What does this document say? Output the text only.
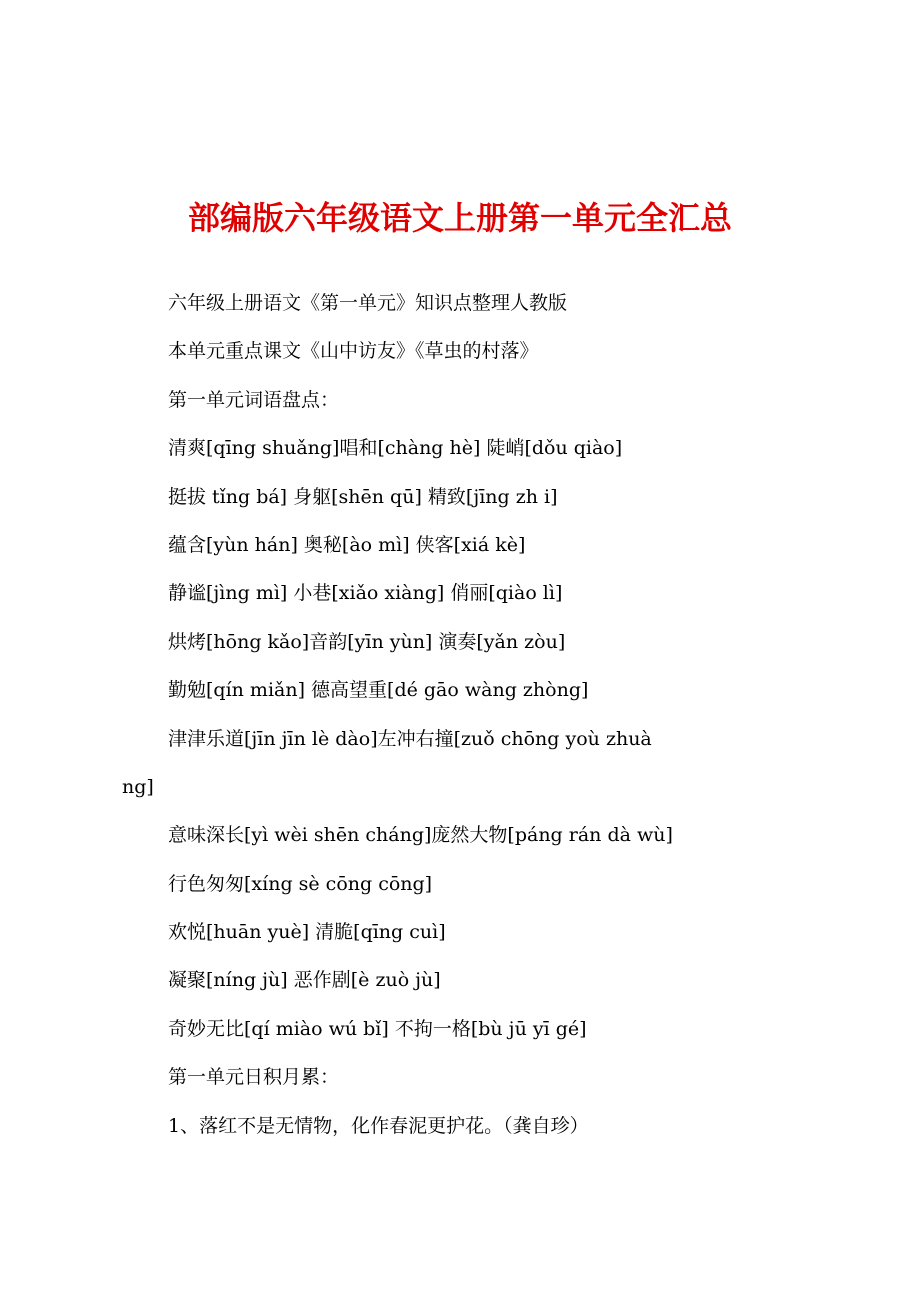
部编版六年级语文上册第一单元全汇总
六年级上册语文《第一单元》知识点整理人教版
本单元重点课文《山中访友》《草虫的村落》
第一单元词语盘点：
清爽[qīng shuǎng]唱和[chàng hè] 陡峭[dǒu qiào]
挺拔 tǐng bá] 身躯[shēn qū] 精致[jīng zh i]
蕴含[yùn hán] 奥秘[ào mì] 侠客[xiá kè]
静谧[jìng mì] 小巷[xiǎo xiàng] 俏丽[qiào lì]
烘烤[hōng kǎo]音韵[yīn yùn] 演奏[yǎn zòu]
勤勉[qín miǎn] 德高望重[dé gāo wàng zhòng]
津津乐道[jīn jīn lè dào]左冲右撞[zuǒ chōng yoù zhuà
ng]
意味深长[yì wèi shēn cháng]庞然大物[páng rán dà wù]
行色匆匆[xíng sè cōng cōng]
欢悦[huān yuè] 清脆[qīng cuì]
凝聚[níng jù] 恶作剧[è zuò jù]
奇妙无比[qí miào wú bǐ] 不拘一格[bù jū yī gé]
第一单元日积月累：
1、落红不是无情物，化作春泥更护花。（龚自珍）
